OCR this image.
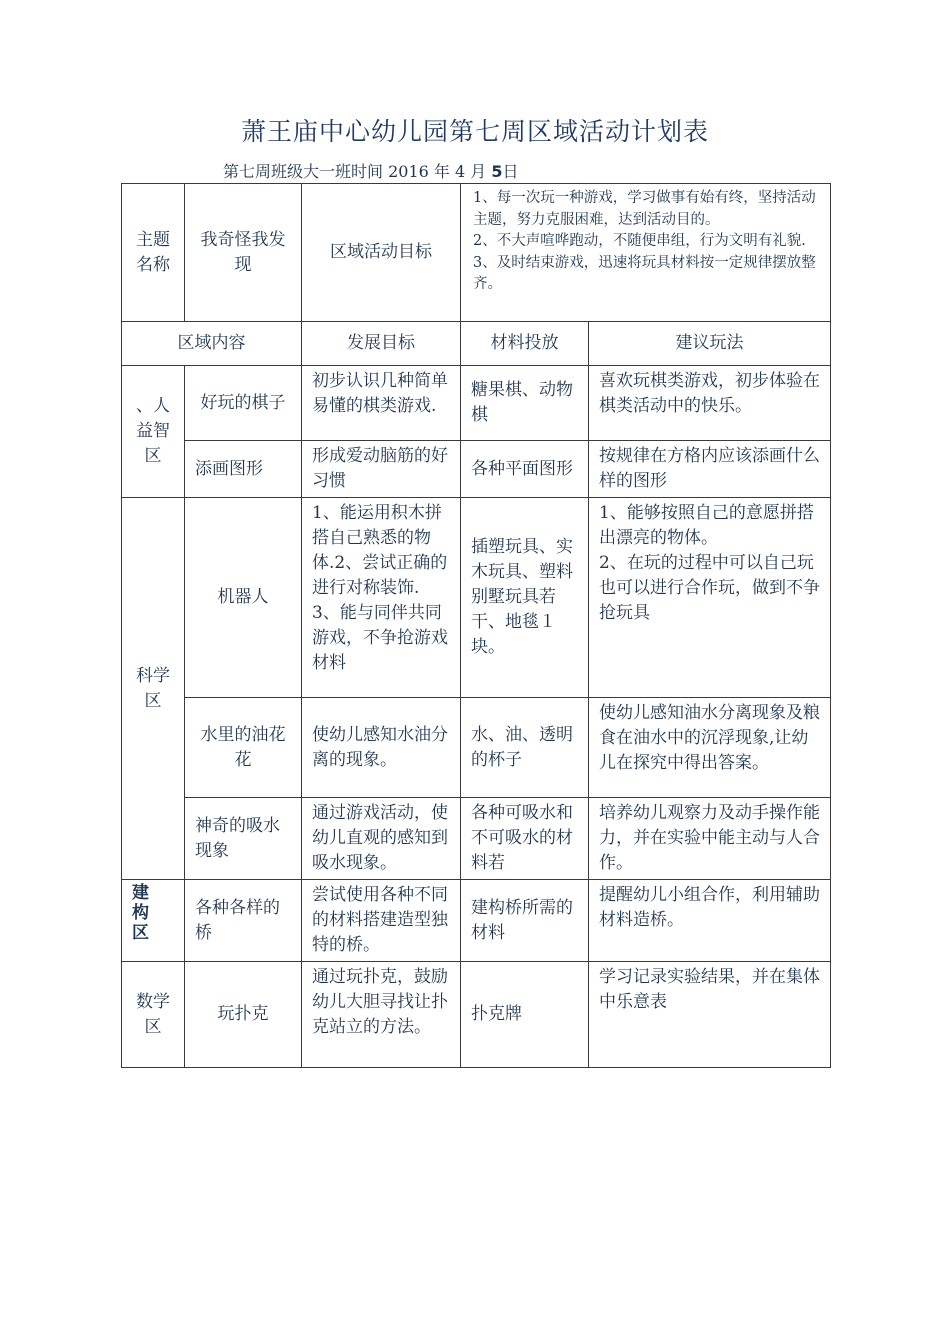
萧王庙中心幼儿园第七周区域活动计划表
第七周班级大一班时间 2016 年 4 月 5日
主题名称	我奇怪我发现	区域活动目标	1、每一次玩一种游戏，学习做事有始有终，坚持活动主题，努力克服困难，达到活动目的。
2、不大声喧哗跑动，不随便串组，行为文明有礼貌.
3、及时结束游戏，迅速将玩具材料按一定规律摆放整齐。	

区域内容		发展目标	材料投放	建议玩法

、人
益智区	好玩的棋子	初步认识几种简单易懂的棋类游戏.	糖果棋、动物棋	喜欢玩棋类游戏，初步体验在棋类活动中的快乐。
	添画图形	形成爱动脑筋的好习惯	各种平面图形	按规律在方格内应该添画什么样的图形
科学区	机器人	1、能运用积木拼搭自己熟悉的物体.2、尝试正确的进行对称装饰.
3、能与同伴共同游戏，不争抢游戏材料	插塑玩具、实木玩具、塑料别墅玩具若干、地毯１块。	1、能够按照自己的意愿拼搭出漂亮的物体。
2、在玩的过程中可以自己玩也可以进行合作玩，做到不争抢玩具

	水里的油花花	使幼儿感知水油分离的现象。	水、油、透明的杯子	使幼儿感知油水分离现象及粮食在油水中的沉浮现象,让幼儿在探究中得出答案。
	神奇的吸水现象	通过游戏活动，使幼儿直观的感知到吸水现象。	各种可吸水和不可吸水的材料若	培养幼儿观察力及动手操作能力，并在实验中能主动与人合作。

建
构
区	各种各样的桥	尝试使用各种不同的材料搭建造型独特的桥。	建构桥所需的材料	提醒幼儿小组合作，利用辅助材料造桥。
数学区	玩扑克	通过玩扑克，鼓励幼儿大胆寻找让扑克站立的方法。	扑克牌	学习记录实验结果，并在集体中乐意表
